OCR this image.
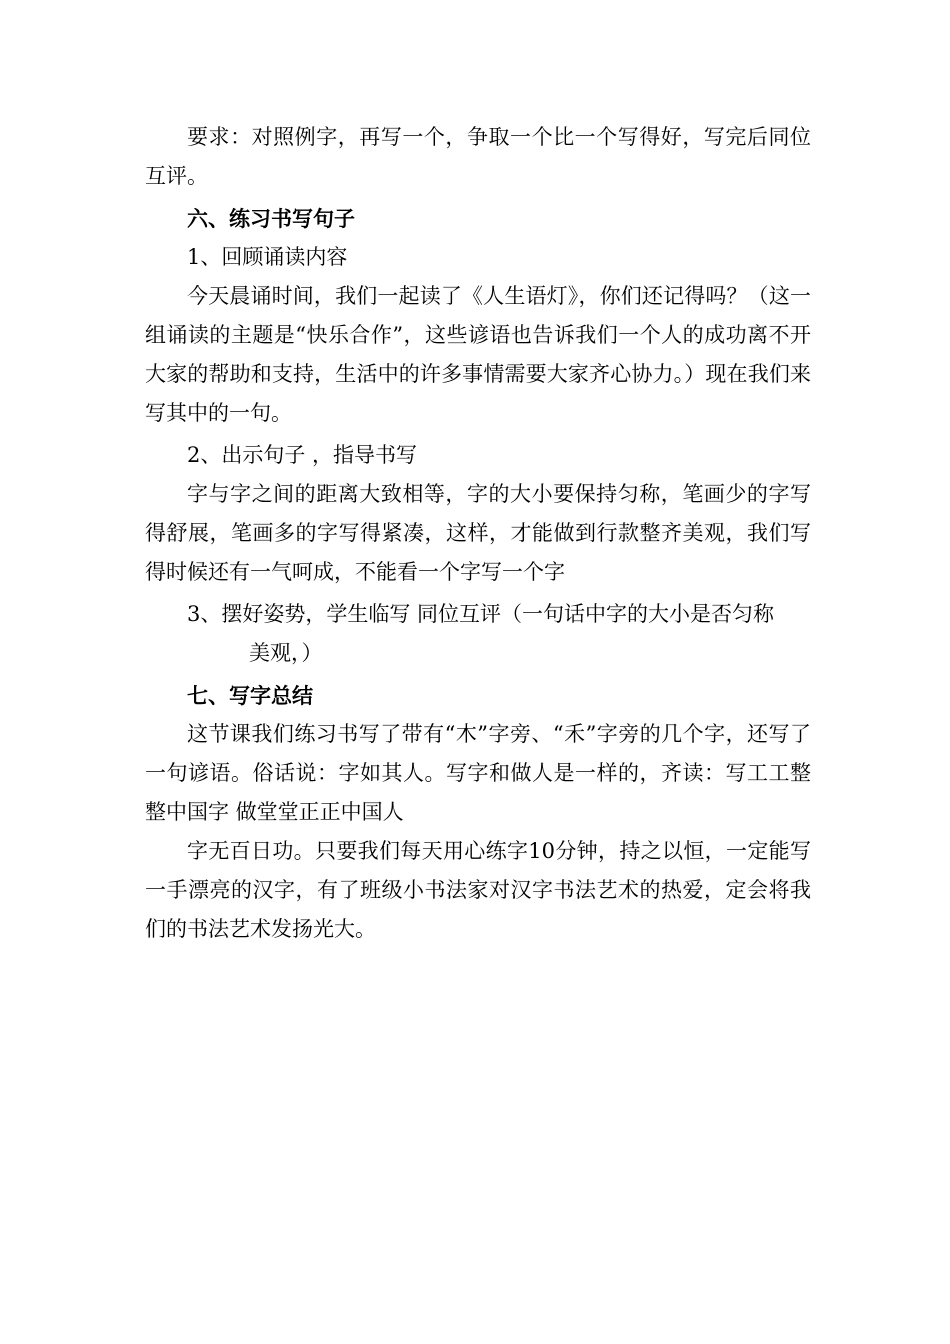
要求：对照例字，再写一个，争取一个比一个写得好，写完后同位互评。

六、练习书写句子

1、回顾诵读内容

今天晨诵时间，我们一起读了《人生语灯》，你们还记得吗？（这一组诵读的主题是“快乐合作”，这些谚语也告诉我们一个人的成功离不开大家的帮助和支持，生活中的许多事情需要大家齐心协力。）现在我们来写其中的一句。

2、出示句子 ，指导书写

字与字之间的距离大致相等，字的大小要保持匀称，笔画少的字写得舒展，笔画多的字写得紧凑，这样，才能做到行款整齐美观，我们写得时候还有一气呵成，不能看一个字写一个字

3、摆好姿势，学生临写 同位互评（一句话中字的大小是否匀称
美观，）

七、写字总结

这节课我们练习书写了带有“木”字旁、“禾”字旁的几个字，还写了一句谚语。俗话说：字如其人。写字和做人是一样的，齐读：写工工整整中国字 做堂堂正正中国人

字无百日功。只要我们每天用心练字10分钟，持之以恒，一定能写一手漂亮的汉字，有了班级小书法家对汉字书法艺术的热爱，定会将我们的书法艺术发扬光大。
